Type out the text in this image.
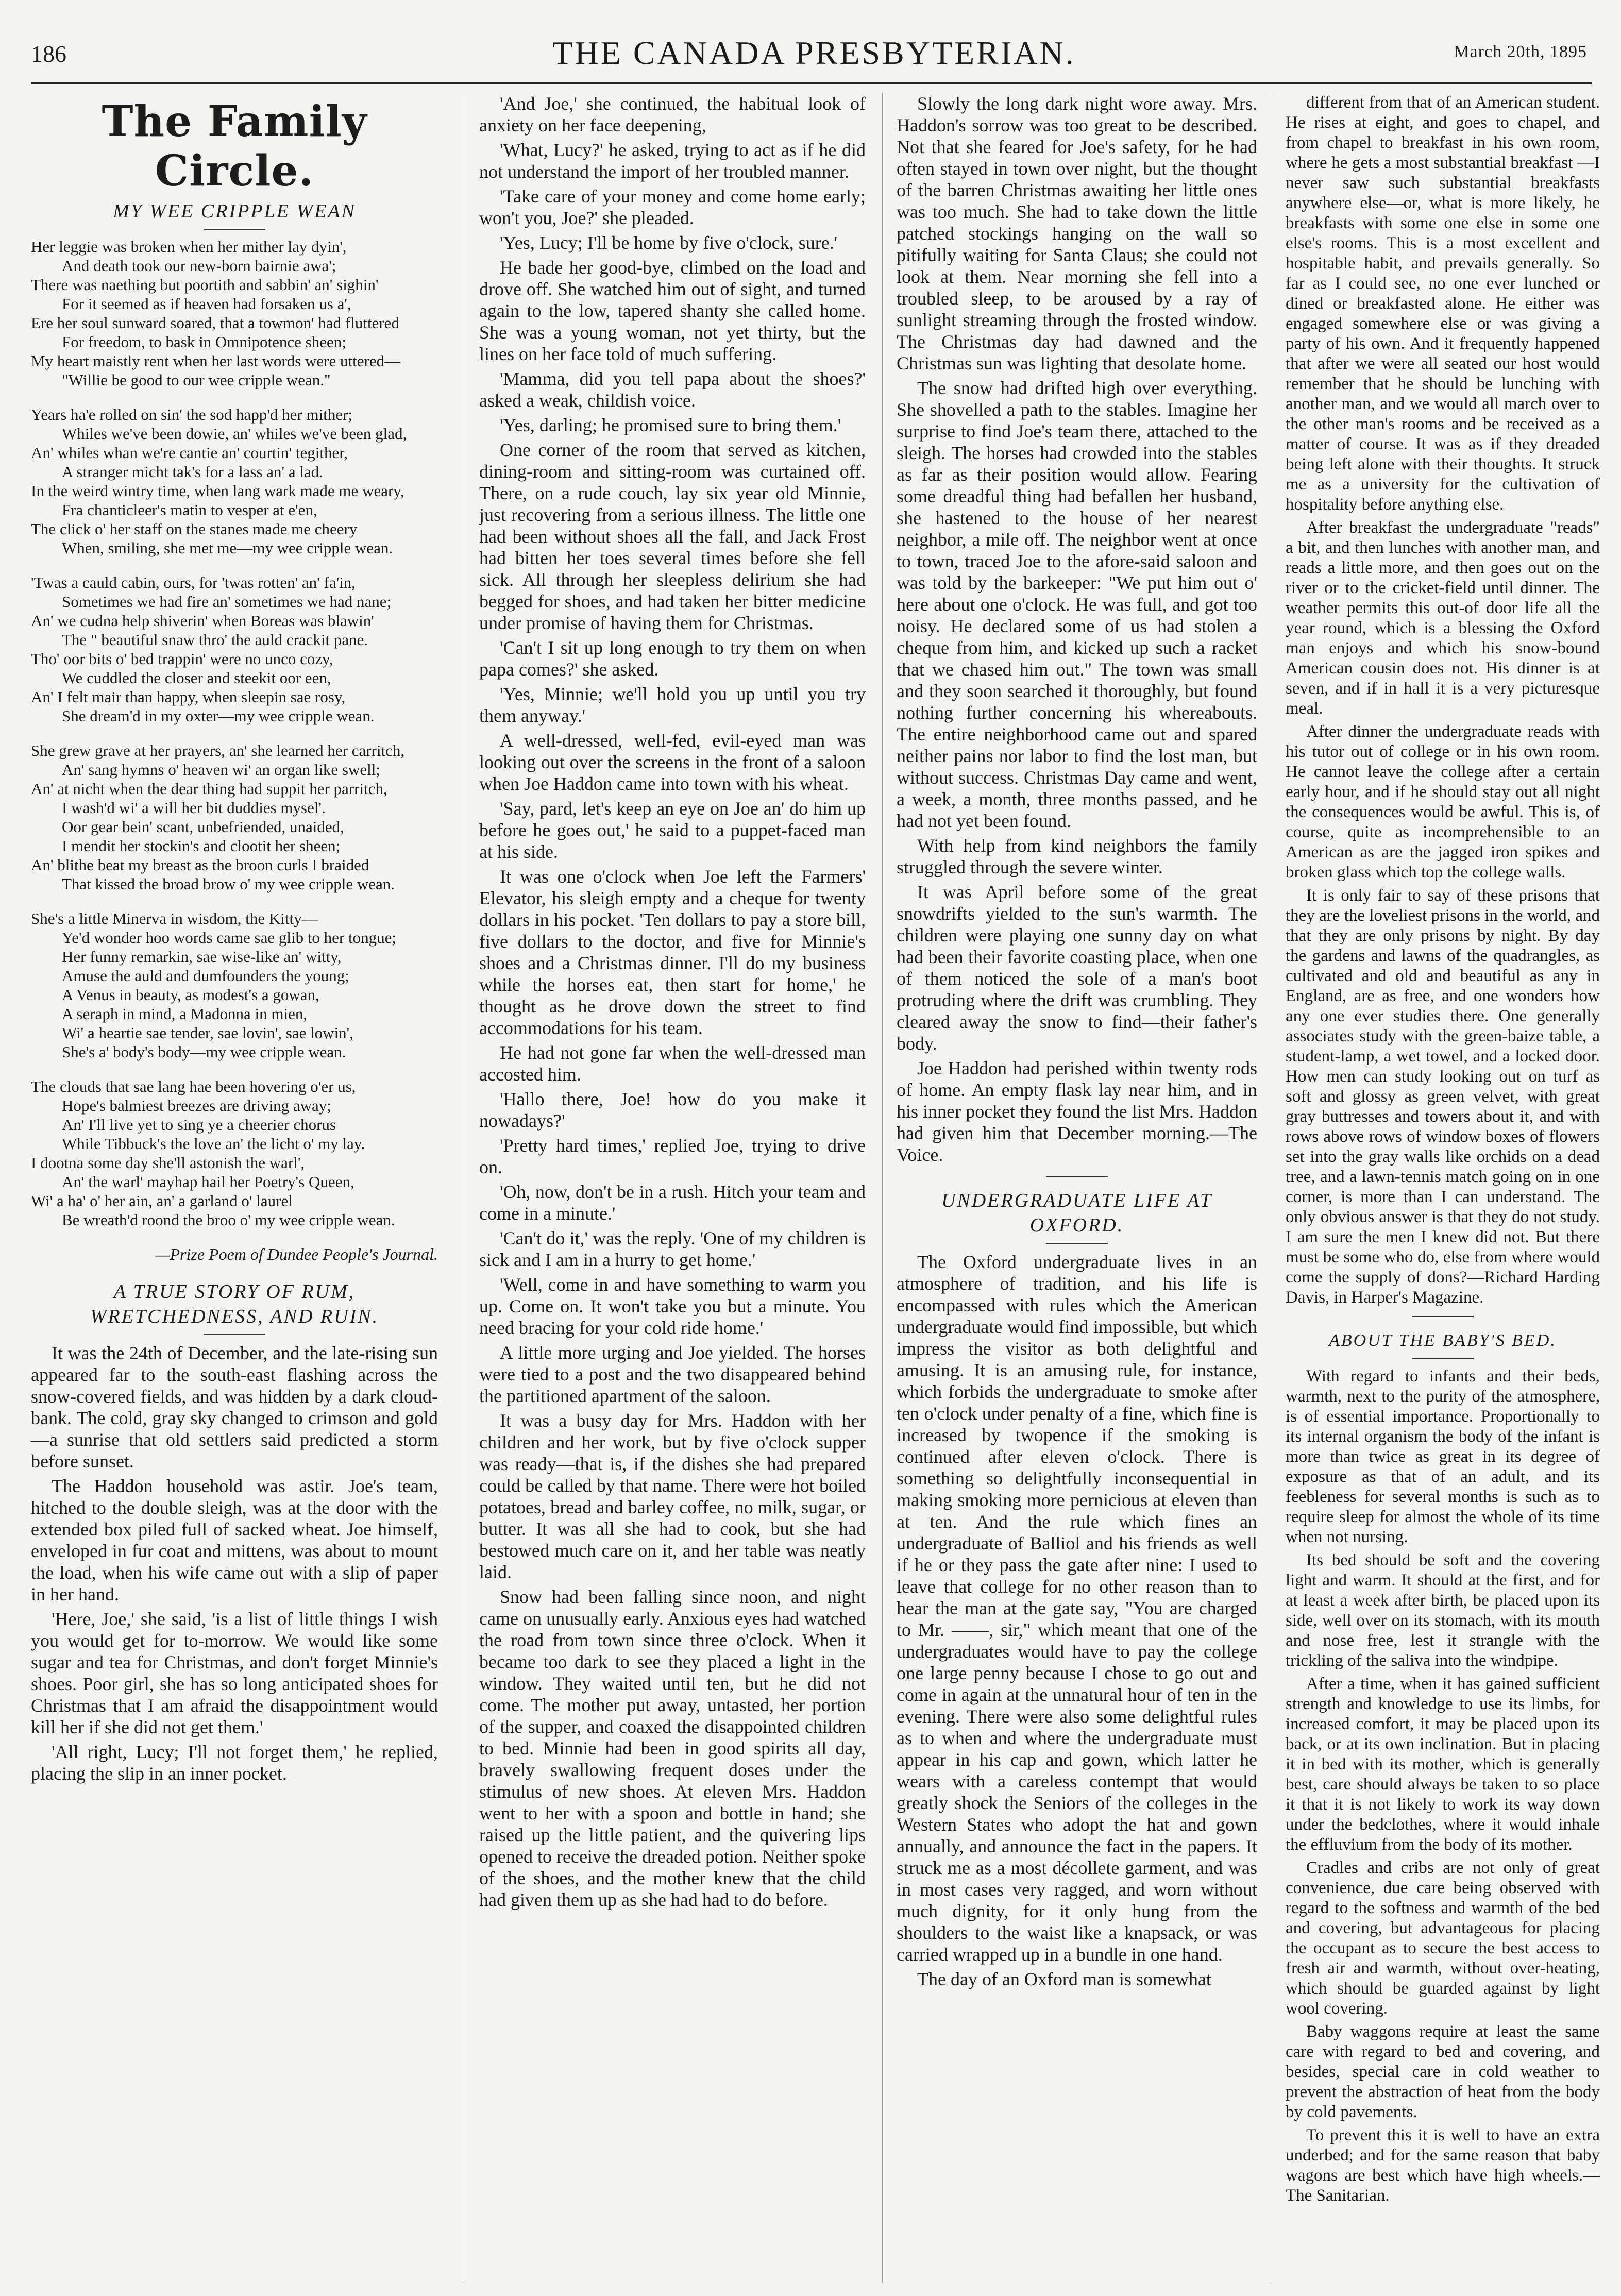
186	THE CANADA PRESBYTERIAN.	March 20th, 1895
The Family Circle.
MY WEE CRIPPLE WEAN
Her leggie was broken when her mither lay dyin',
And death took our new-born bairnie awa';
There was naething but poortith and sabbin' an' sighin'
For it seemed as if heaven had forsaken us a',
Ere her soul sunward soared, that a towmon' had fluttered
For freedom, to bask in Omnipotence sheen;
My heart maistly rent when her last words were uttered—
"Willie be good to our wee cripple wean."
Years ha'e rolled on sin' the sod happ'd her mither;
Whiles we've been dowie, an' whiles we've been glad,
An' whiles whan we're cantie an' courtin' tegither,
A stranger micht tak's for a lass an' a lad.
In the weird wintry time, when lang wark made me weary,
Fra chanticleer's matin to vesper at e'en,
The click o' her staff on the stanes made me cheery
When, smiling, she met me—my wee cripple wean.
'Twas a cauld cabin, ours, for 'twas rotten' an' fa'in,
Sometimes we had fire an' sometimes we had nane;
An' we cudna help shiverin' when Boreas was blawin'
The " beautiful snaw thro' the auld crackit pane.
Tho' oor bits o' bed trappin' were no unco cozy,
We cuddled the closer and steekit oor een,
An' I felt mair than happy, when sleepin sae rosy,
She dream'd in my oxter—my wee cripple wean.
She grew grave at her prayers, an' she learned her carritch,
An' sang hymns o' heaven wi' an organ like swell;
An' at nicht when the dear thing had suppit her parritch,
I wash'd wi' a will her bit duddies mysel'.
Oor gear bein' scant, unbefriended, unaided,
I mendit her stockin's and clootit her sheen;
An' blithe beat my breast as the broon curls I braided
That kissed the broad brow o' my wee cripple wean.
She's a little Minerva in wisdom, the Kitty—
Ye'd wonder hoo words came sae glib to her tongue;
Her funny remarkin, sae wise-like an' witty,
Amuse the auld and dumfounders the young;
A Venus in beauty, as modest's a gowan,
A seraph in mind, a Madonna in mien,
Wi' a heartie sae tender, sae lovin', sae lowin',
She's a' body's body—my wee cripple wean.
The clouds that sae lang hae been hovering o'er us,
Hope's balmiest breezes are driving away;
An' I'll live yet to sing ye a cheerier chorus
While Tibbuck's the love an' the licht o' my lay.
I dootna some day she'll astonish the warl',
An' the warl' mayhap hail her Poetry's Queen,
Wi' a ha' o' her ain, an' a garland o' laurel
Be wreath'd roond the broo o' my wee cripple wean.
—Prize Poem of Dundee People's Journal.
A TRUE STORY OF RUM, WRETCHEDNESS, AND RUIN.

It was the 24th of December, and the late-rising sun appeared far to the south-east flashing across the snow-covered fields, and was hidden by a dark cloud-bank. The cold, gray sky changed to crimson and gold —a sunrise that old settlers said predicted a storm before sunset.

The Haddon household was astir. Joe's team, hitched to the double sleigh, was at the door with the extended box piled full of sacked wheat. Joe himself, enveloped in fur coat and mittens, was about to mount the load, when his wife came out with a slip of paper in her hand.

'Here, Joe,' she said, 'is a list of little things I wish you would get for to-morrow. We would like some sugar and tea for Christmas, and don't forget Minnie's shoes. Poor girl, she has so long anticipated shoes for Christmas that I am afraid the disappointment would kill her if she did not get them.'

'All right, Lucy; I'll not forget them,' he replied, placing the slip in an inner pocket.

'And Joe,' she continued, the habitual look of anxiety on her face deepening,

'What, Lucy?' he asked, trying to act as if he did not understand the import of her troubled manner.

'Take care of your money and come home early; won't you, Joe?' she pleaded.

'Yes, Lucy; I'll be home by five o'clock, sure.'

He bade her good-bye, climbed on the load and drove off. She watched him out of sight, and turned again to the low, tapered shanty she called home. She was a young woman, not yet thirty, but the lines on her face told of much suffering.

'Mamma, did you tell papa about the shoes?' asked a weak, childish voice.

'Yes, darling; he promised sure to bring them.'

One corner of the room that served as kitchen, dining-room and sitting-room was curtained off. There, on a rude couch, lay six year old Minnie, just recovering from a serious illness. The little one had been without shoes all the fall, and Jack Frost had bitten her toes several times before she fell sick. All through her sleepless delirium she had begged for shoes, and had taken her bitter medicine under promise of having them for Christmas.

'Can't I sit up long enough to try them on when papa comes?' she asked.

'Yes, Minnie; we'll hold you up until you try them anyway.'

A well-dressed, well-fed, evil-eyed man was looking out over the screens in the front of a saloon when Joe Haddon came into town with his wheat.

'Say, pard, let's keep an eye on Joe an' do him up before he goes out,' he said to a puppet-faced man at his side.

It was one o'clock when Joe left the Farmers' Elevator, his sleigh empty and a cheque for twenty dollars in his pocket. 'Ten dollars to pay a store bill, five dollars to the doctor, and five for Minnie's shoes and a Christmas dinner. I'll do my business while the horses eat, then start for home,' he thought as he drove down the street to find accommodations for his team.

He had not gone far when the well-dressed man accosted him.

'Hallo there, Joe! how do you make it nowadays?'

'Pretty hard times,' replied Joe, trying to drive on.

'Oh, now, don't be in a rush. Hitch your team and come in a minute.'

'Can't do it,' was the reply. 'One of my children is sick and I am in a hurry to get home.'

'Well, come in and have something to warm you up. Come on. It won't take you but a minute. You need bracing for your cold ride home.'

A little more urging and Joe yielded. The horses were tied to a post and the two disappeared behind the partitioned apartment of the saloon.

It was a busy day for Mrs. Haddon with her children and her work, but by five o'clock supper was ready—that is, if the dishes she had prepared could be called by that name. There were hot boiled potatoes, bread and barley coffee, no milk, sugar, or butter. It was all she had to cook, but she had bestowed much care on it, and her table was neatly laid.

Snow had been falling since noon, and night came on unusually early. Anxious eyes had watched the road from town since three o'clock. When it became too dark to see they placed a light in the window. They waited until ten, but he did not come. The mother put away, untasted, her portion of the supper, and coaxed the disappointed children to bed. Minnie had been in good spirits all day, bravely swallowing frequent doses under the stimulus of new shoes. At eleven Mrs. Haddon went to her with a spoon and bottle in hand; she raised up the little patient, and the quivering lips opened to receive the dreaded potion. Neither spoke of the shoes, and the mother knew that the child had given them up as she had had to do before.

Slowly the long dark night wore away. Mrs. Haddon's sorrow was too great to be described. Not that she feared for Joe's safety, for he had often stayed in town over night, but the thought of the barren Christmas awaiting her little ones was too much. She had to take down the little patched stockings hanging on the wall so pitifully waiting for Santa Claus; she could not look at them. Near morning she fell into a troubled sleep, to be aroused by a ray of sunlight streaming through the frosted window. The Christmas day had dawned and the Christmas sun was lighting that desolate home.

The snow had drifted high over everything. She shovelled a path to the stables. Imagine her surprise to find Joe's team there, attached to the sleigh. The horses had crowded into the stables as far as their position would allow. Fearing some dreadful thing had befallen her husband, she hastened to the house of her nearest neighbor, a mile off. The neighbor went at once to town, traced Joe to the afore-said saloon and was told by the barkeeper: "We put him out o' here about one o'clock. He was full, and got too noisy. He declared some of us had stolen a cheque from him, and kicked up such a racket that we chased him out." The town was small and they soon searched it thoroughly, but found nothing further concerning his whereabouts. The entire neighborhood came out and spared neither pains nor labor to find the lost man, but without success. Christmas Day came and went, a week, a month, three months passed, and he had not yet been found.

With help from kind neighbors the family struggled through the severe winter.

It was April before some of the great snowdrifts yielded to the sun's warmth. The children were playing one sunny day on what had been their favorite coasting place, when one of them noticed the sole of a man's boot protruding where the drift was crumbling. They cleared away the snow to find—their father's body.

Joe Haddon had perished within twenty rods of home. An empty flask lay near him, and in his inner pocket they found the list Mrs. Haddon had given him that December morning.—The Voice.

UNDERGRADUATE LIFE AT OXFORD.

The Oxford undergraduate lives in an atmosphere of tradition, and his life is encompassed with rules which the American undergraduate would find impossible, but which impress the visitor as both delightful and amusing. It is an amusing rule, for instance, which forbids the undergraduate to smoke after ten o'clock under penalty of a fine, which fine is increased by twopence if the smoking is continued after eleven o'clock. There is something so delightfully inconsequential in making smoking more pernicious at eleven than at ten. And the rule which fines an undergraduate of Balliol and his friends as well if he or they pass the gate after nine: I used to leave that college for no other reason than to hear the man at the gate say, "You are charged to Mr. ——, sir," which meant that one of the undergraduates would have to pay the college one large penny because I chose to go out and come in again at the unnatural hour of ten in the evening. There were also some delightful rules as to when and where the undergraduate must appear in his cap and gown, which latter he wears with a careless contempt that would greatly shock the Seniors of the colleges in the Western States who adopt the hat and gown annually, and announce the fact in the papers. It struck me as a most décollete garment, and was in most cases very ragged, and worn without much dignity, for it only hung from the shoulders to the waist like a knapsack, or was carried wrapped up in a bundle in one hand.

The day of an Oxford man is somewhat

different from that of an American student. He rises at eight, and goes to chapel, and from chapel to breakfast in his own room, where he gets a most substantial breakfast —I never saw such substantial breakfasts anywhere else—or, what is more likely, he breakfasts with some one else in some one else's rooms. This is a most excellent and hospitable habit, and prevails generally. So far as I could see, no one ever lunched or dined or breakfasted alone. He either was engaged somewhere else or was giving a party of his own. And it frequently happened that after we were all seated our host would remember that he should be lunching with another man, and we would all march over to the other man's rooms and be received as a matter of course. It was as if they dreaded being left alone with their thoughts. It struck me as a university for the cultivation of hospitality before anything else.

After breakfast the undergraduate "reads" a bit, and then lunches with another man, and reads a little more, and then goes out on the river or to the cricket-field until dinner. The weather permits this out-of door life all the year round, which is a blessing the Oxford man enjoys and which his snow-bound American cousin does not. His dinner is at seven, and if in hall it is a very picturesque meal.

After dinner the undergraduate reads with his tutor out of college or in his own room. He cannot leave the college after a certain early hour, and if he should stay out all night the consequences would be awful. This is, of course, quite as incomprehensible to an American as are the jagged iron spikes and broken glass which top the college walls.

It is only fair to say of these prisons that they are the loveliest prisons in the world, and that they are only prisons by night. By day the gardens and lawns of the quadrangles, as cultivated and old and beautiful as any in England, are as free, and one wonders how any one ever studies there. One generally associates study with the green-baize table, a student-lamp, a wet towel, and a locked door. How men can study looking out on turf as soft and glossy as green velvet, with great gray buttresses and towers about it, and with rows above rows of window boxes of flowers set into the gray walls like orchids on a dead tree, and a lawn-tennis match going on in one corner, is more than I can understand. The only obvious answer is that they do not study. I am sure the men I knew did not. But there must be some who do, else from where would come the supply of dons?—Richard Harding Davis, in Harper's Magazine.

ABOUT THE BABY'S BED.

With regard to infants and their beds, warmth, next to the purity of the atmosphere, is of essential importance. Proportionally to its internal organism the body of the infant is more than twice as great in its degree of exposure as that of an adult, and its feebleness for several months is such as to require sleep for almost the whole of its time when not nursing.

Its bed should be soft and the covering light and warm. It should at the first, and for at least a week after birth, be placed upon its side, well over on its stomach, with its mouth and nose free, lest it strangle with the trickling of the saliva into the windpipe.

After a time, when it has gained sufficient strength and knowledge to use its limbs, for increased comfort, it may be placed upon its back, or at its own inclination. But in placing it in bed with its mother, which is generally best, care should always be taken to so place it that it is not likely to work its way down under the bedclothes, where it would inhale the effluvium from the body of its mother.

Cradles and cribs are not only of great convenience, due care being observed with regard to the softness and warmth of the bed and covering, but advantageous for placing the occupant as to secure the best access to fresh air and warmth, without over-heating, which should be guarded against by light wool covering.

Baby waggons require at least the same care with regard to bed and covering, and besides, special care in cold weather to prevent the abstraction of heat from the body by cold pavements.

To prevent this it is well to have an extra underbed; and for the same reason that baby wagons are best which have high wheels.—The Sanitarian.
